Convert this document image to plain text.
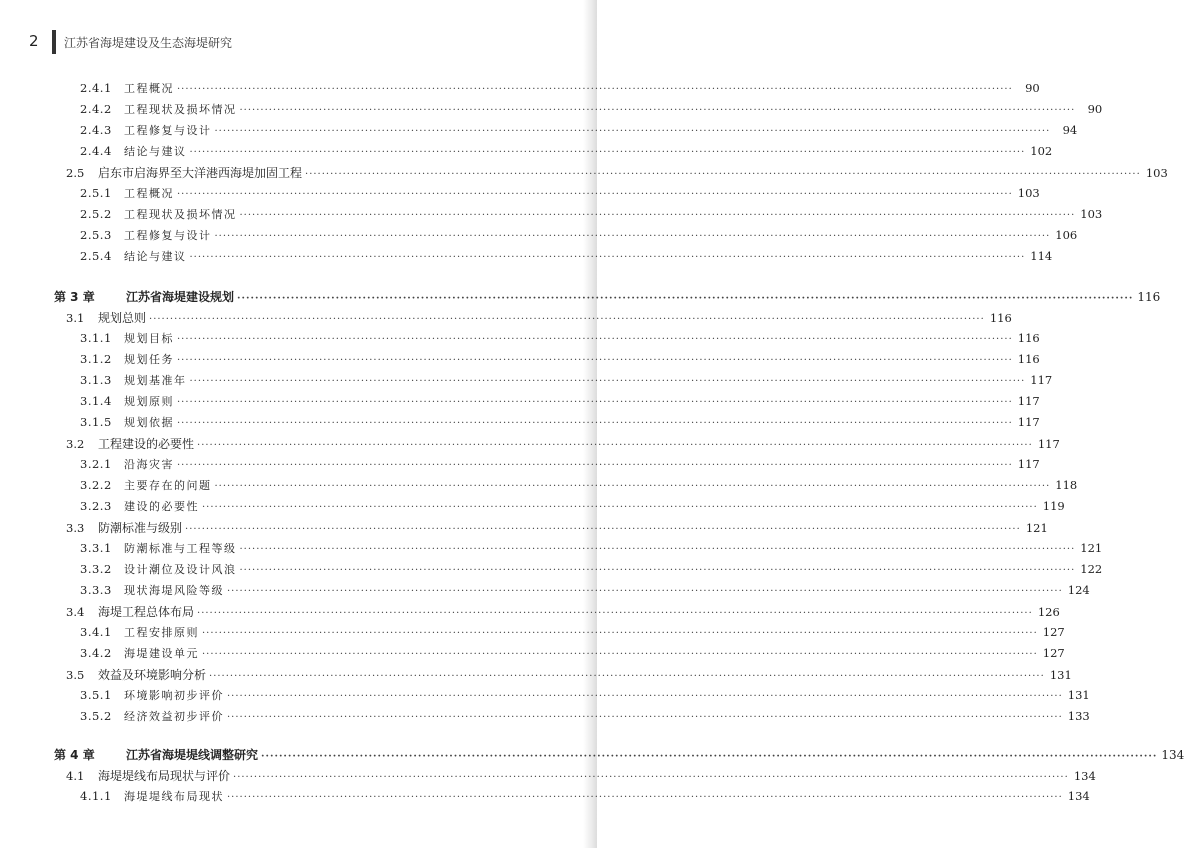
2 江苏省海堤建设及生态海堤研究
2.4.1	工程概况 ········································································································································································································	90
2.4.2	工程现状及损坏情况 ········································································································································································································	90
2.4.3	工程修复与设计 ········································································································································································································	94
2.4.4	结论与建议 ········································································································································································································ 102
2.5	启东市启海界至大洋港西海堤加固工程 ········································································································································································································ 103
2.5.1	工程概况 ········································································································································································································ 103
2.5.2	工程现状及损坏情况 ········································································································································································································ 103
2.5.3	工程修复与设计 ········································································································································································································ 106
2.5.4	结论与建议 ········································································································································································································ 114
第 3 章	江苏省海堤建设规划 ········································································································································································································ 116
3.1	规划总则 ········································································································································································································ 116
3.1.1	规划目标 ········································································································································································································ 116
3.1.2	规划任务 ········································································································································································································ 116
3.1.3	规划基准年 ········································································································································································································ 117
3.1.4	规划原则 ········································································································································································································ 117
3.1.5	规划依据 ········································································································································································································ 117
3.2	工程建设的必要性 ········································································································································································································ 117
3.2.1	沿海灾害 ········································································································································································································ 117
3.2.2	主要存在的问题 ········································································································································································································ 118
3.2.3	建设的必要性 ········································································································································································································ 119
3.3	防潮标准与级别 ········································································································································································································ 121
3.3.1	防潮标准与工程等级 ········································································································································································································ 121
3.3.2	设计潮位及设计风浪 ········································································································································································································ 122
3.3.3	现状海堤风险等级 ········································································································································································································ 124
3.4	海堤工程总体布局 ········································································································································································································ 126
3.4.1	工程安排原则 ········································································································································································································ 127
3.4.2	海堤建设单元 ········································································································································································································ 127
3.5	效益及环境影响分析 ········································································································································································································ 131
3.5.1	环境影响初步评价 ········································································································································································································ 131
3.5.2	经济效益初步评价 ········································································································································································································ 133
第 4 章	江苏省海堤堤线调整研究 ········································································································································································································ 134
4.1	海堤堤线布局现状与评价 ········································································································································································································ 134
4.1.1	海堤堤线布局现状 ········································································································································································································ 134
